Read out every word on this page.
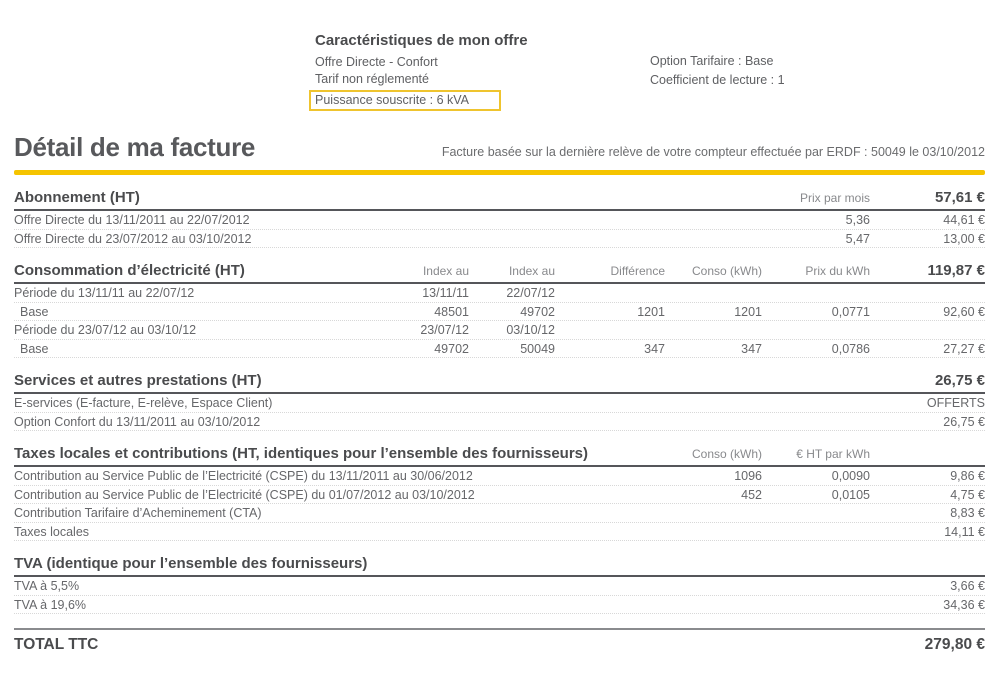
Caractéristiques de mon offre
Offre Directe - Confort
Tarif non réglementé
Puissance souscrite : 6 kVA
Option Tarifaire : Base
Coefficient de lecture : 1
Détail de ma facture	Facture basée sur la dernière relève de votre compteur effectuée par ERDF : 50049 le 03/10/2012
Abonnement (HT)	Prix par mois	57,61 €
Offre Directe du 13/11/2011 au 22/07/2012	5,36	44,61 €
Offre Directe du 23/07/2012 au 03/10/2012	5,47	13,00 €
Consommation d’électricité (HT)	Index au	Index au	Différence	Conso (kWh)	Prix du kWh	119,87 €
Période du 13/11/11 au 22/07/12	13/11/11	22/07/12
Base	48501	49702	1201	1201	0,0771	92,60 €
Période du 23/07/12 au 03/10/12	23/07/12	03/10/12
Base	49702	50049	347	347	0,0786	27,27 €
Services et autres prestations (HT)	26,75 €
E-services (E-facture, E-relève, Espace Client)	OFFERTS
Option Confort du 13/11/2011 au 03/10/2012	26,75 €
Taxes locales et contributions (HT, identiques pour l’ensemble des fournisseurs)	Conso (kWh)	€ HT par kWh
Contribution au Service Public de l’Electricité (CSPE) du 13/11/2011 au 30/06/2012	1096	0,0090	9,86 €
Contribution au Service Public de l’Electricité (CSPE) du 01/07/2012 au 03/10/2012	452	0,0105	4,75 €
Contribution Tarifaire d’Acheminement (CTA)	8,83 €
Taxes locales	14,11 €
TVA (identique pour l’ensemble des fournisseurs)
TVA à 5,5%	3,66 €
TVA à 19,6%	34,36 €
TOTAL TTC	279,80 €
